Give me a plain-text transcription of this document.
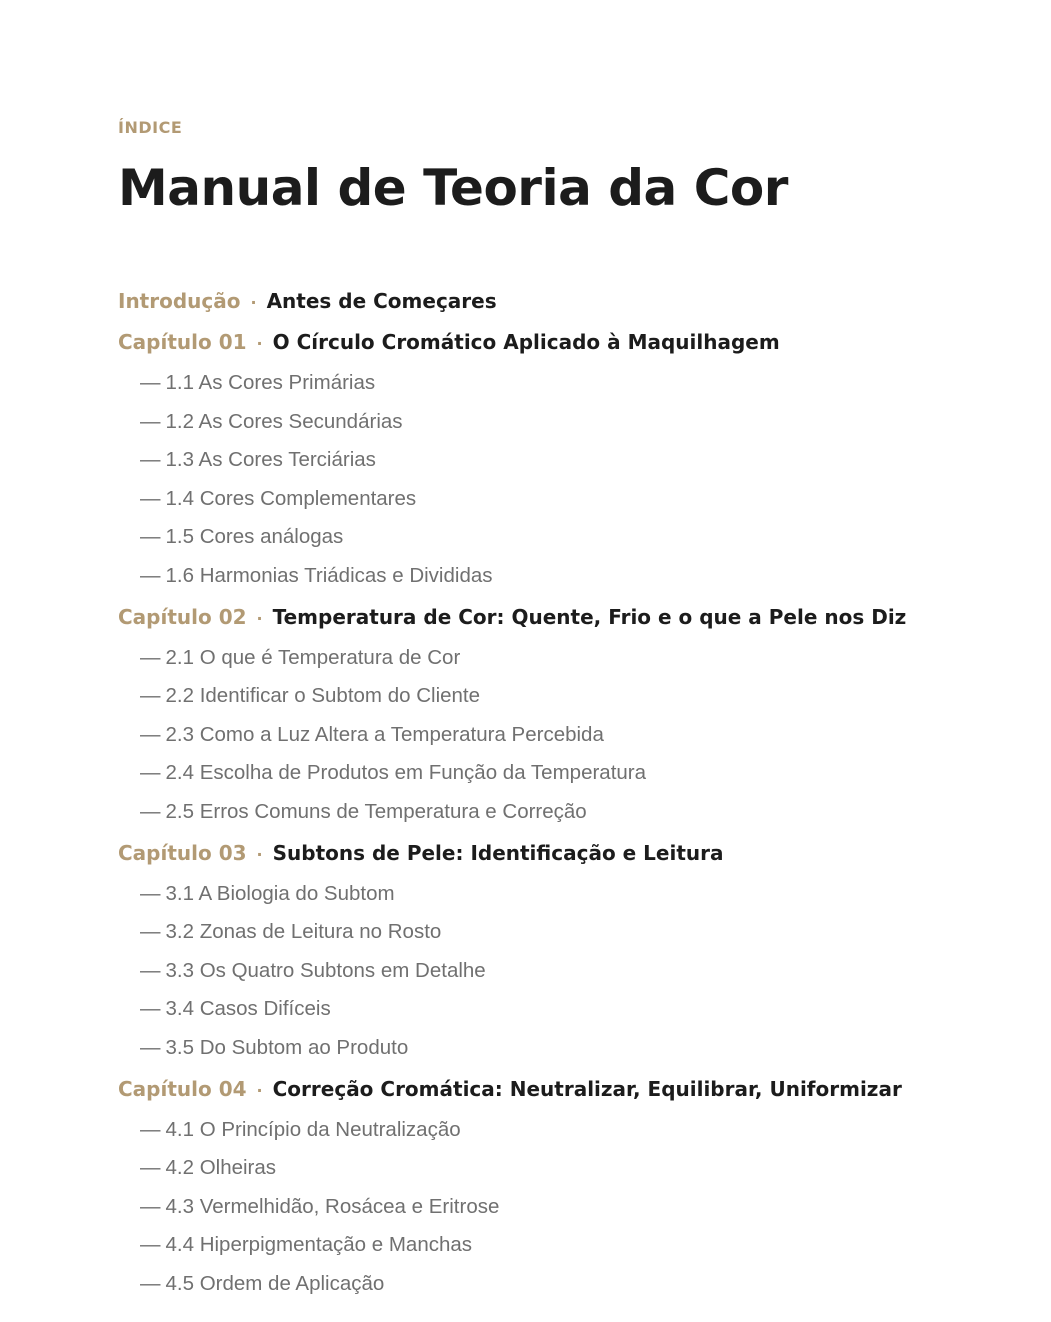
ÍNDICE
Manual de Teoria da Cor
Introdução · Antes de Começares
Capítulo 01 · O Círculo Cromático Aplicado à Maquilhagem
— 1.1 As Cores Primárias
— 1.2 As Cores Secundárias
— 1.3 As Cores Terciárias
— 1.4 Cores Complementares
— 1.5 Cores análogas
— 1.6 Harmonias Triádicas e Divididas
Capítulo 02 · Temperatura de Cor: Quente, Frio e o que a Pele nos Diz
— 2.1 O que é Temperatura de Cor
— 2.2 Identificar o Subtom do Cliente
— 2.3 Como a Luz Altera a Temperatura Percebida
— 2.4 Escolha de Produtos em Função da Temperatura
— 2.5 Erros Comuns de Temperatura e Correção
Capítulo 03 · Subtons de Pele: Identificação e Leitura
— 3.1 A Biologia do Subtom
— 3.2 Zonas de Leitura no Rosto
— 3.3 Os Quatro Subtons em Detalhe
— 3.4 Casos Difíceis
— 3.5 Do Subtom ao Produto
Capítulo 04 · Correção Cromática: Neutralizar, Equilibrar, Uniformizar
— 4.1 O Princípio da Neutralização
— 4.2 Olheiras
— 4.3 Vermelhidão, Rosácea e Eritrose
— 4.4 Hiperpigmentação e Manchas
— 4.5 Ordem de Aplicação
